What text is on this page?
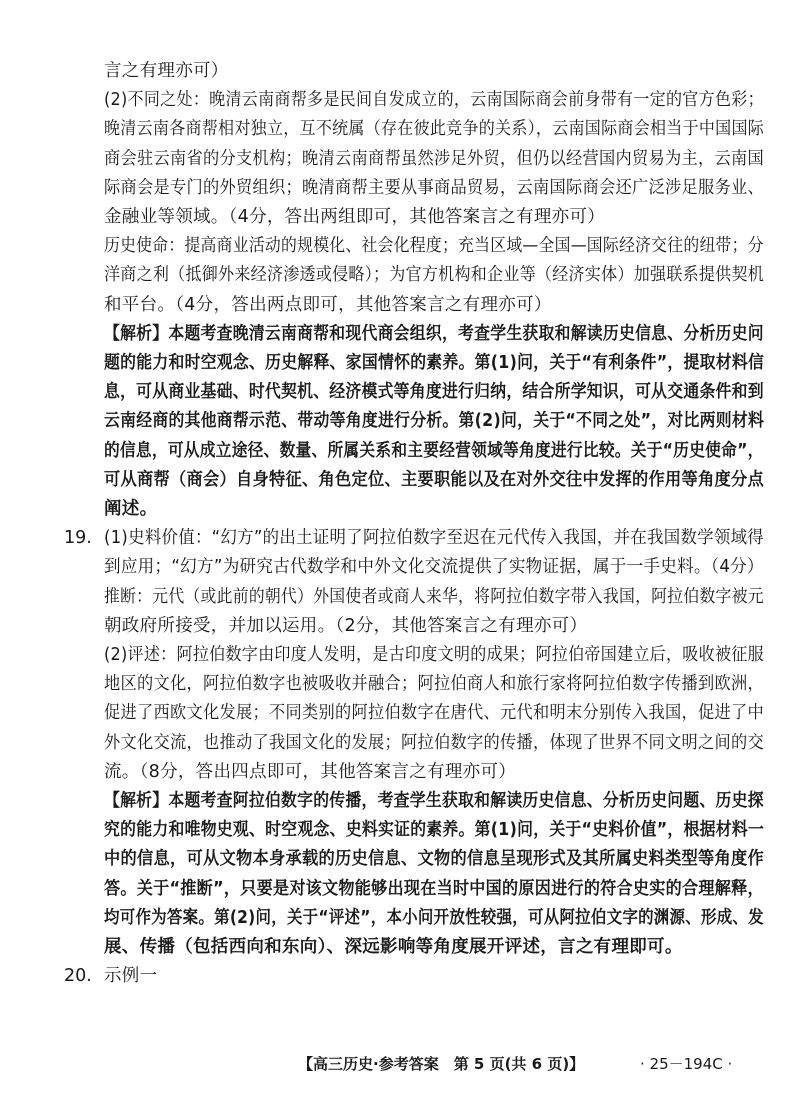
言之有理亦可）
(2)不同之处：晚清云南商帮多是民间自发成立的，云南国际商会前身带有一定的官方色彩；
晚清云南各商帮相对独立，互不统属（存在彼此竞争的关系），云南国际商会相当于中国国际
商会驻云南省的分支机构；晚清云南商帮虽然涉足外贸，但仍以经营国内贸易为主，云南国
际商会是专门的外贸组织；晚清商帮主要从事商品贸易，云南国际商会还广泛涉足服务业、
金融业等领域。（4分，答出两组即可，其他答案言之有理亦可）
历史使命：提高商业活动的规模化、社会化程度；充当区域—全国—国际经济交往的纽带；分
洋商之利（抵御外来经济渗透或侵略）；为官方机构和企业等（经济实体）加强联系提供契机
和平台。（4分，答出两点即可，其他答案言之有理亦可）
【解析】本题考查晚清云南商帮和现代商会组织，考查学生获取和解读历史信息、分析历史问
题的能力和时空观念、历史解释、家国情怀的素养。第(1)问，关于“有利条件”，提取材料信
息，可从商业基础、时代契机、经济模式等角度进行归纳，结合所学知识，可从交通条件和到
云南经商的其他商帮示范、带动等角度进行分析。第(2)问，关于“不同之处”，对比两则材料
的信息，可从成立途径、数量、所属关系和主要经营领域等角度进行比较。关于“历史使命”，
可从商帮（商会）自身特征、角色定位、主要职能以及在对外交往中发挥的作用等角度分点
阐述。
19. (1)史料价值：“幻方”的出土证明了阿拉伯数字至迟在元代传入我国，并在我国数学领域得
到应用；“幻方”为研究古代数学和中外文化交流提供了实物证据，属于一手史料。（4分）
推断：元代（或此前的朝代）外国使者或商人来华，将阿拉伯数字带入我国，阿拉伯数字被元
朝政府所接受，并加以运用。（2分，其他答案言之有理亦可）
(2)评述：阿拉伯数字由印度人发明，是古印度文明的成果；阿拉伯帝国建立后，吸收被征服
地区的文化，阿拉伯数字也被吸收并融合；阿拉伯商人和旅行家将阿拉伯数字传播到欧洲，
促进了西欧文化发展；不同类别的阿拉伯数字在唐代、元代和明末分别传入我国，促进了中
外文化交流，也推动了我国文化的发展；阿拉伯数字的传播，体现了世界不同文明之间的交
流。（8分，答出四点即可，其他答案言之有理亦可）
【解析】本题考查阿拉伯数字的传播，考查学生获取和解读历史信息、分析历史问题、历史探
究的能力和唯物史观、时空观念、史料实证的素养。第(1)问，关于“史料价值”，根据材料一
中的信息，可从文物本身承载的历史信息、文物的信息呈现形式及其所属史料类型等角度作
答。关于“推断”，只要是对该文物能够出现在当时中国的原因进行的符合史实的合理解释，
均可作为答案。第(2)问，关于“评述”，本小问开放性较强，可从阿拉伯文字的渊源、形成、发
展、传播（包括西向和东向）、深远影响等角度展开评述，言之有理即可。
20. 示例一
【高三历史·参考答案　第 5 页(共 6 页)】	· 25－194C ·
